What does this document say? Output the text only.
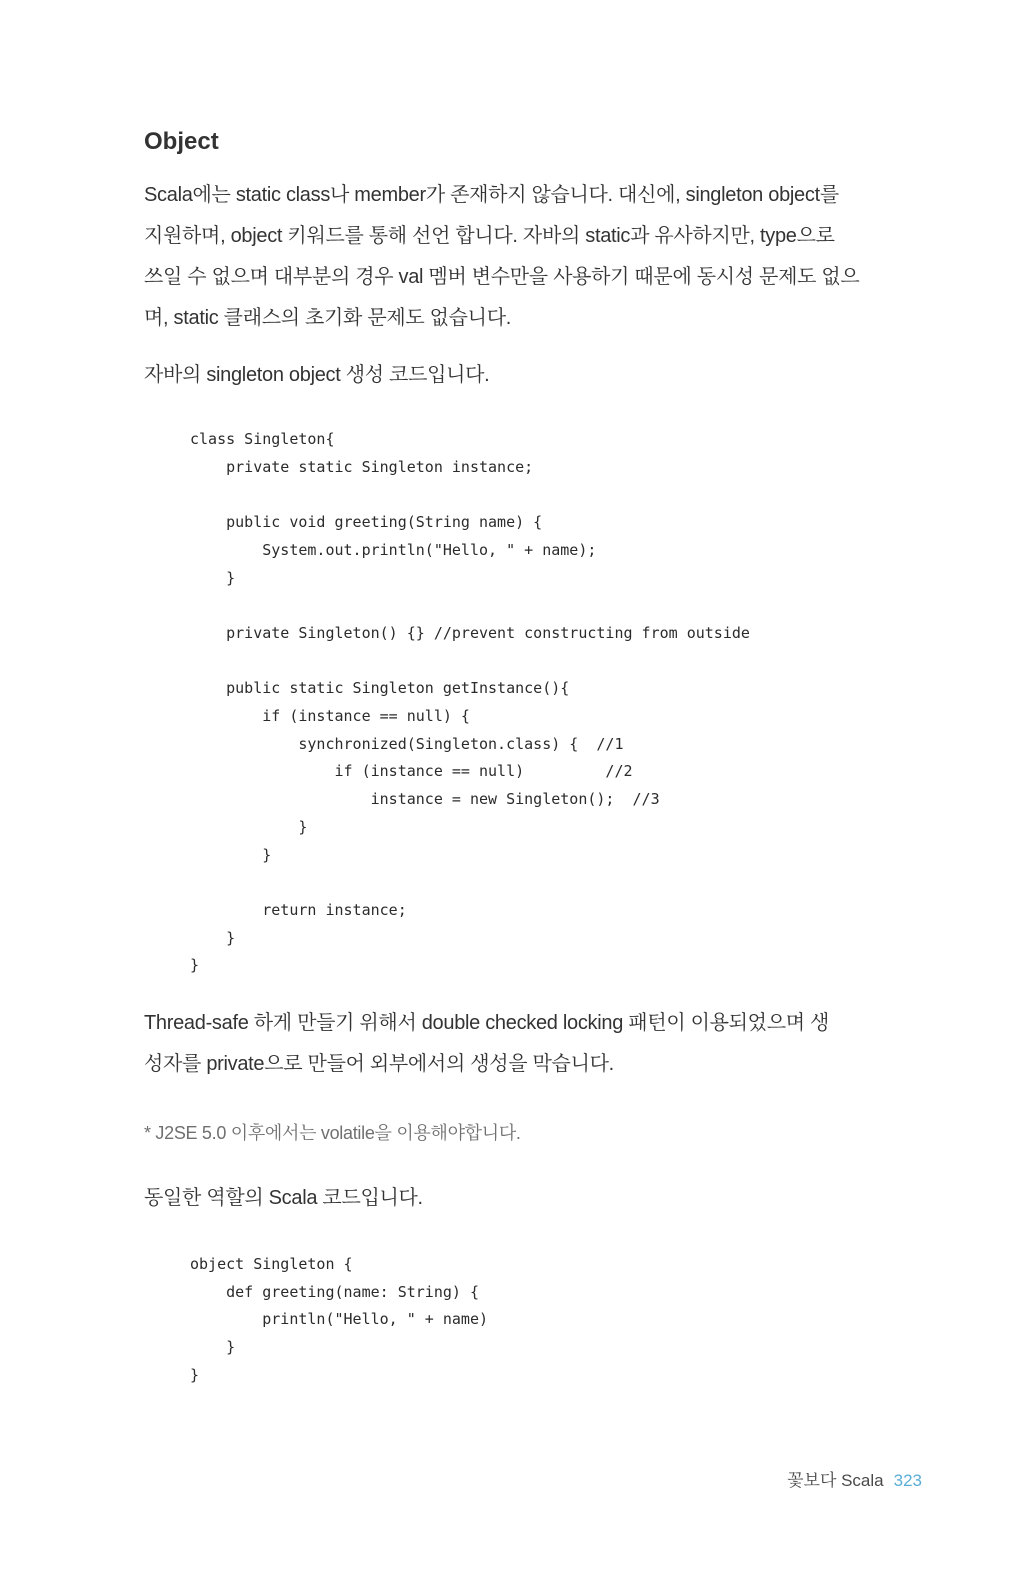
Object

Scala에는 static class나 member가 존재하지 않습니다. 대신에, singleton object를
지원하며, object 키워드를 통해 선언 합니다. 자바의 static과 유사하지만, type으로
쓰일 수 없으며 대부분의 경우 val 멤버 변수만을 사용하기 때문에 동시성 문제도 없으
며, static 클래스의 초기화 문제도 없습니다.

자바의 singleton object 생성 코드입니다.

class Singleton{
private static Singleton instance;
public void greeting(String name) {
System.out.println("Hello, " + name);
}
private Singleton() {} //prevent constructing from outside
public static Singleton getInstance(){
if (instance == null) {
synchronized(Singleton.class) {  //1
if (instance == null)         //2
instance = new Singleton();  //3
}
}
return instance;
}
}

Thread-safe 하게 만들기 위해서 double checked locking 패턴이 이용되었으며 생
성자를 private으로 만들어 외부에서의 생성을 막습니다.

* J2SE 5.0 이후에서는 volatile을 이용해야합니다.

동일한 역할의 Scala 코드입니다.

object Singleton {
def greeting(name: String) {
println("Hello, " + name)
}
}
꽃보다 Scala 323
